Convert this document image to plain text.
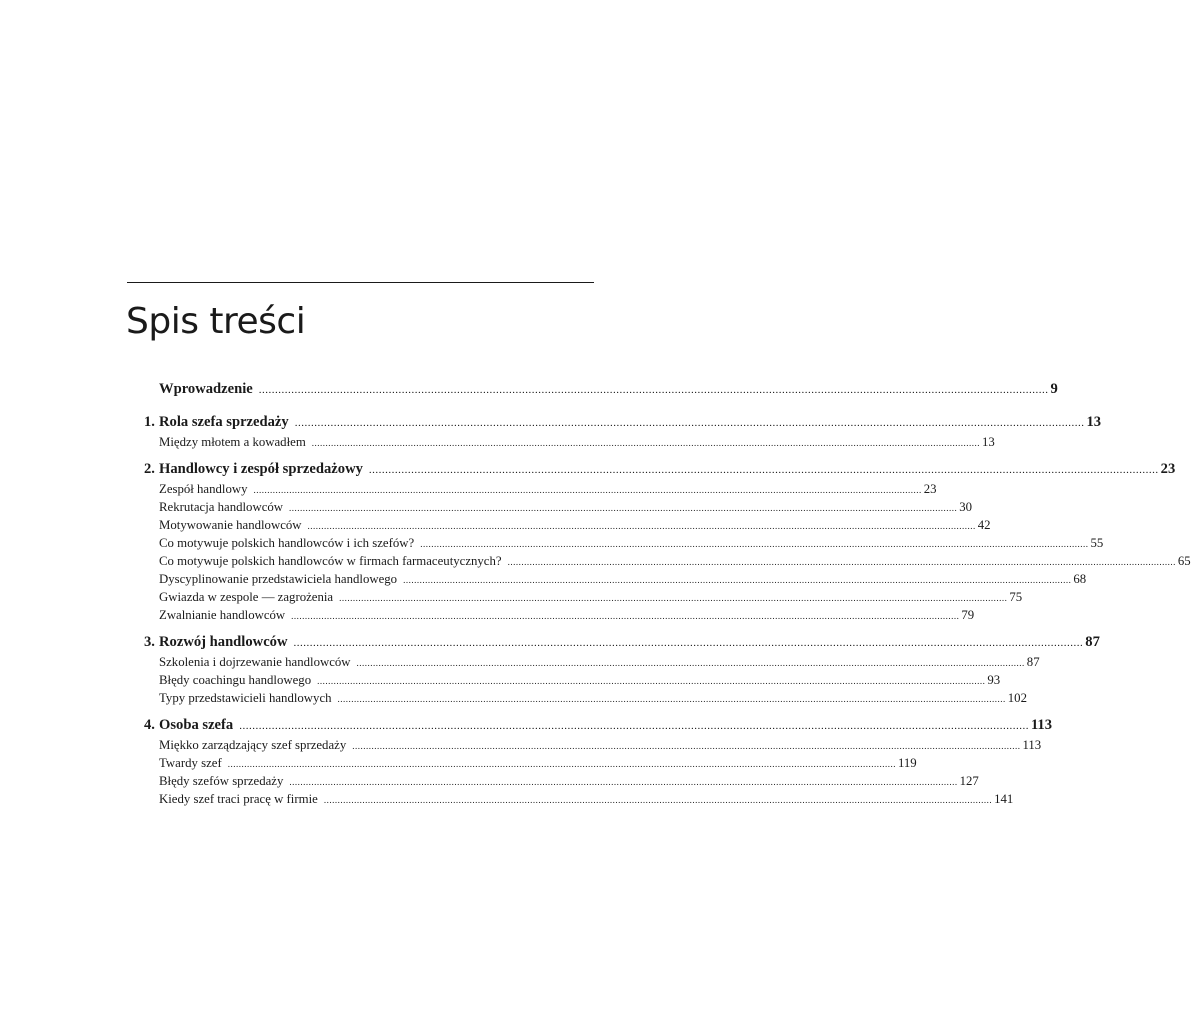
Spis treści
Wprowadzenie .....	9
1. Rola szefa sprzedaży .....	13
Między młotem a kowadłem .....	13
2. Handlowcy i zespół sprzedażowy .....	23
Zespół handlowy .....	23
Rekrutacja handlowców .....	30
Motywowanie handlowców .....	42
Co motywuje polskich handlowców i ich szefów? .....	55
Co motywuje polskich handlowców w firmach farmaceutycznych? .....	65
Dyscyplinowanie przedstawiciela handlowego .....	68
Gwiazda w zespole — zagrożenia .....	75
Zwalnianie handlowców .....	79
3. Rozwój handlowców .....	87
Szkolenia i dojrzewanie handlowców .....	87
Błędy coachingu handlowego .....	93
Typy przedstawicieli handlowych .....	102
4. Osoba szefa .....	113
Miękko zarządzający szef sprzedaży .....	113
Twardy szef .....	119
Błędy szefów sprzedaży .....	127
Kiedy szef traci pracę w firmie .....	141
